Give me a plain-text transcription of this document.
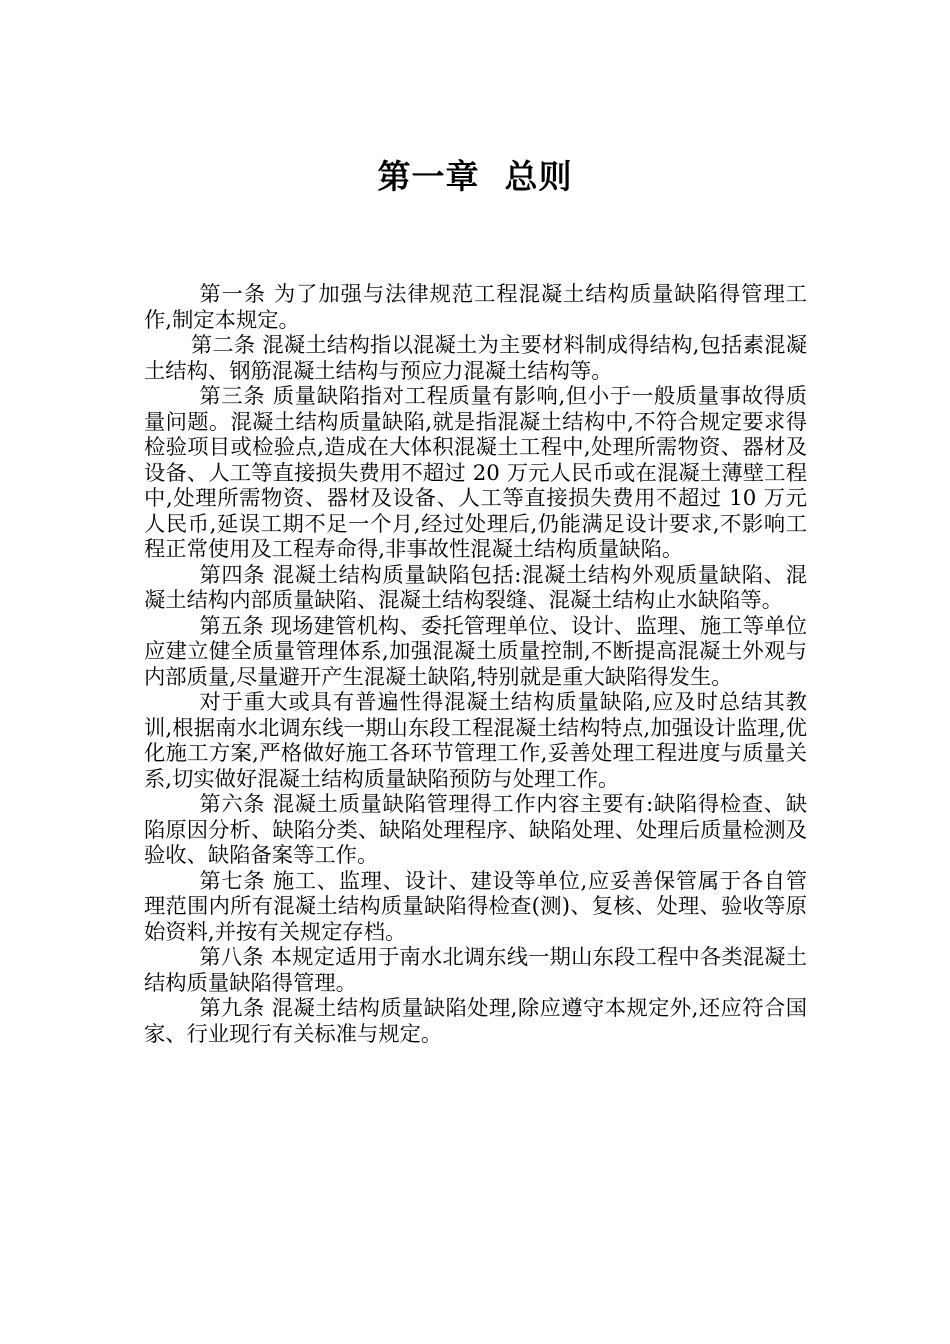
第一章  总则

第一条 为了加强与法律规范工程混凝土结构质量缺陷得管理工作,制定本规定。

第二条 混凝土结构指以混凝土为主要材料制成得结构,包括素混凝土结构、钢筋混凝土结构与预应力混凝土结构等。

第三条 质量缺陷指对工程质量有影响,但小于一般质量事故得质量问题。混凝土结构质量缺陷,就是指混凝土结构中,不符合规定要求得检验项目或检验点,造成在大体积混凝土工程中,处理所需物资、器材及设备、人工等直接损失费用不超过 20 万元人民币或在混凝土薄壁工程中,处理所需物资、器材及设备、人工等直接损失费用不超过 10 万元人民币,延误工期不足一个月,经过处理后,仍能满足设计要求,不影响工程正常使用及工程寿命得,非事故性混凝土结构质量缺陷。

第四条 混凝土结构质量缺陷包括:混凝土结构外观质量缺陷、混凝土结构内部质量缺陷、混凝土结构裂缝、混凝土结构止水缺陷等。

第五条 现场建管机构、委托管理单位、设计、监理、施工等单位应建立健全质量管理体系,加强混凝土质量控制,不断提高混凝土外观与内部质量,尽量避开产生混凝土缺陷,特别就是重大缺陷得发生。

对于重大或具有普遍性得混凝土结构质量缺陷,应及时总结其教训,根据南水北调东线一期山东段工程混凝土结构特点,加强设计监理,优化施工方案,严格做好施工各环节管理工作,妥善处理工程进度与质量关系,切实做好混凝土结构质量缺陷预防与处理工作。

第六条 混凝土质量缺陷管理得工作内容主要有:缺陷得检查、缺陷原因分析、缺陷分类、缺陷处理程序、缺陷处理、处理后质量检测及验收、缺陷备案等工作。

第七条 施工、监理、设计、建设等单位,应妥善保管属于各自管理范围内所有混凝土结构质量缺陷得检查(测)、复核、处理、验收等原始资料,并按有关规定存档。

第八条 本规定适用于南水北调东线一期山东段工程中各类混凝土结构质量缺陷得管理。

第九条 混凝土结构质量缺陷处理,除应遵守本规定外,还应符合国家、行业现行有关标准与规定。
